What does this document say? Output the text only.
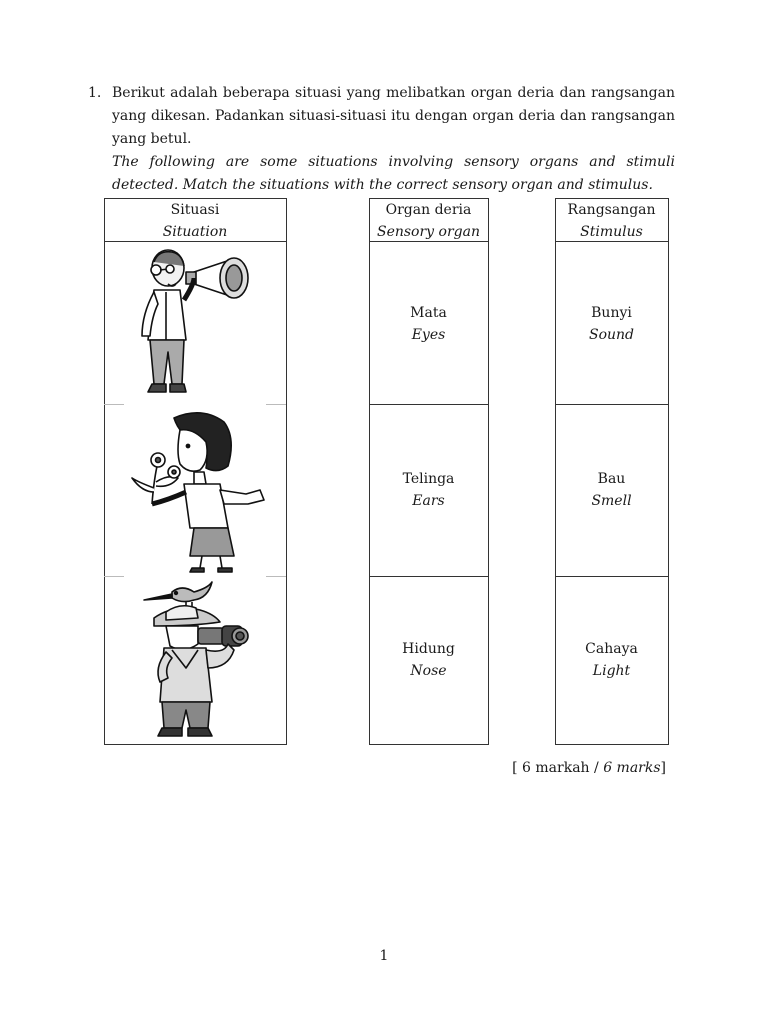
1. Berikut adalah beberapa situasi yang melibatkan organ deria dan rangsangan yang dikesan. Padankan situasi-situasi itu dengan organ deria dan rangsangan yang betul.

The following are some situations involving sensory organs and stimuli detected. Match the situations with the correct sensory organ and stimulus.

Situasi
Situation
Organ deria
Sensory organ
Rangsangan
Stimulus
Mata
Eyes
Telinga
Ears
Hidung
Nose
Bunyi
Sound
Bau
Smell
Cahaya
Light
[ 6 markah / 6 marks]
1
